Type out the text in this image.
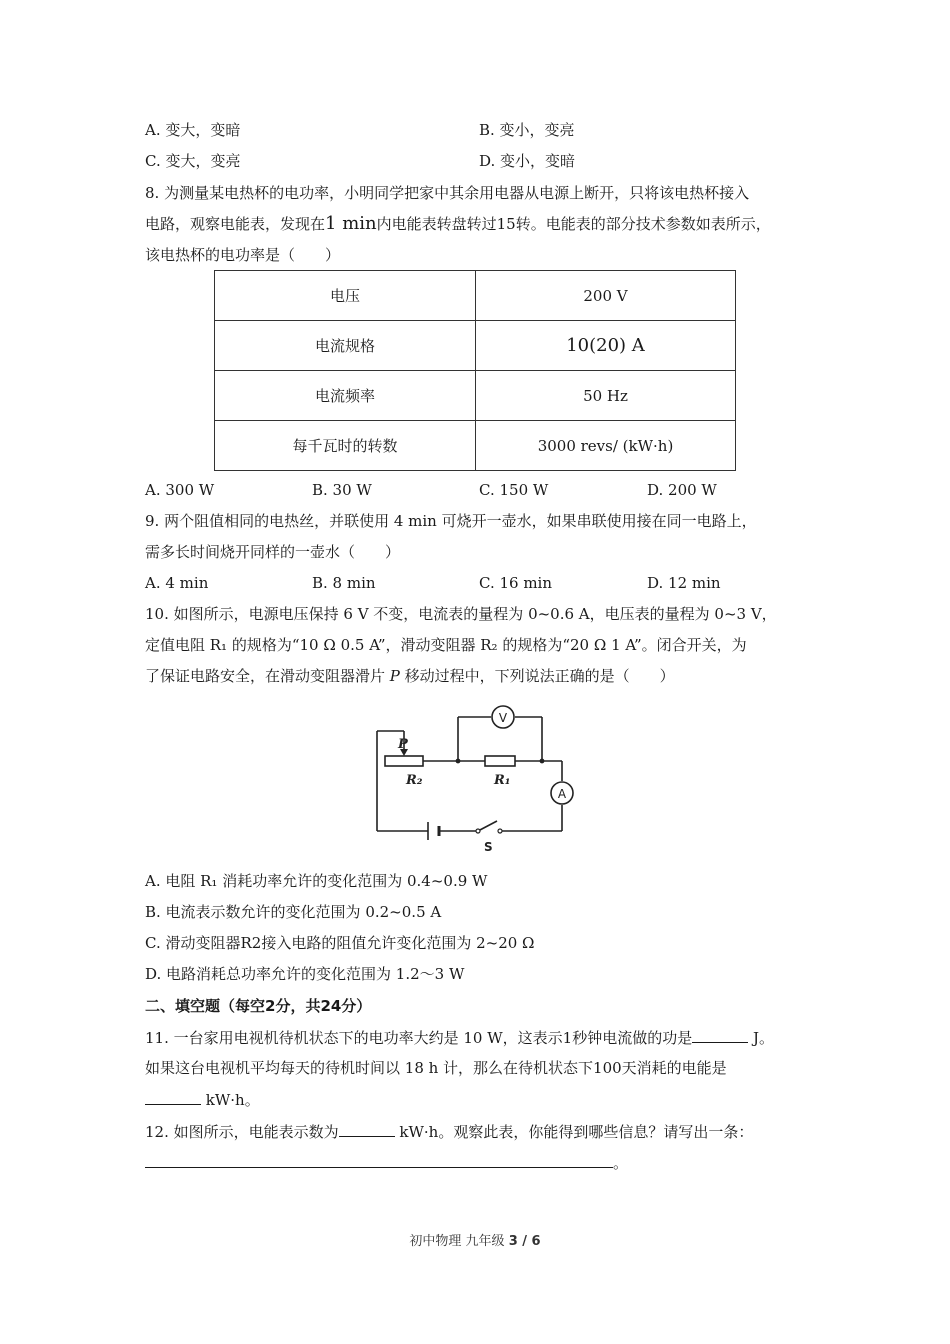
A. 变大，变暗	B. 变小，变亮
C. 变大，变亮	D. 变小，变暗
8. 为测量某电热杯的电功率，小明同学把家中其余用电器从电源上断开，只将该电热杯接入
电路，观察电能表，发现在1 min内电能表转盘转过15转。电能表的部分技术参数如表所示，
该电热杯的电功率是（　　）
电压	200 V
电流规格	10(20) A
电流频率	50 Hz
每千瓦时的转数	3000 revs/ (kW·h)
A. 300 W	B. 30 W	C. 150 W	D. 200 W
9. 两个阻值相同的电热丝，并联使用 4 min 可烧开一壶水，如果串联使用接在同一电路上，
需多长时间烧开同样的一壶水（　　）
A. 4 min	B. 8 min	C. 16 min	D. 12 min
10. 如图所示，电源电压保持 6 V 不变，电流表的量程为 0~0.6 A，电压表的量程为 0~3 V，
定值电阻 R₁ 的规格为“10 Ω 0.5 A”，滑动变阻器 R₂ 的规格为“20 Ω 1 A”。闭合开关，为
了保证电路安全，在滑动变阻器滑片 P 移动过程中，下列说法正确的是（　　）
V
A
P
R₂	R₁
S
A. 电阻 R₁ 消耗功率允许的变化范围为 0.4~0.9 W
B. 电流表示数允许的变化范围为 0.2~0.5 A
C. 滑动变阻器R2接入电路的阻值允许变化范围为 2~20 Ω
D. 电路消耗总功率允许的变化范围为 1.2～3 W
二、填空题（每空2分，共24分）
11. 一台家用电视机待机状态下的电功率大约是 10 W，这表示1秒钟电流做的功是	J。
如果这台电视机平均每天的待机时间以 18 h 计，那么在待机状态下100天消耗的电能是
kW·h。
12. 如图所示，电能表示数为	kW·h。观察此表，你能得到哪些信息？请写出一条：
。
初中物理 九年级 3 / 6
